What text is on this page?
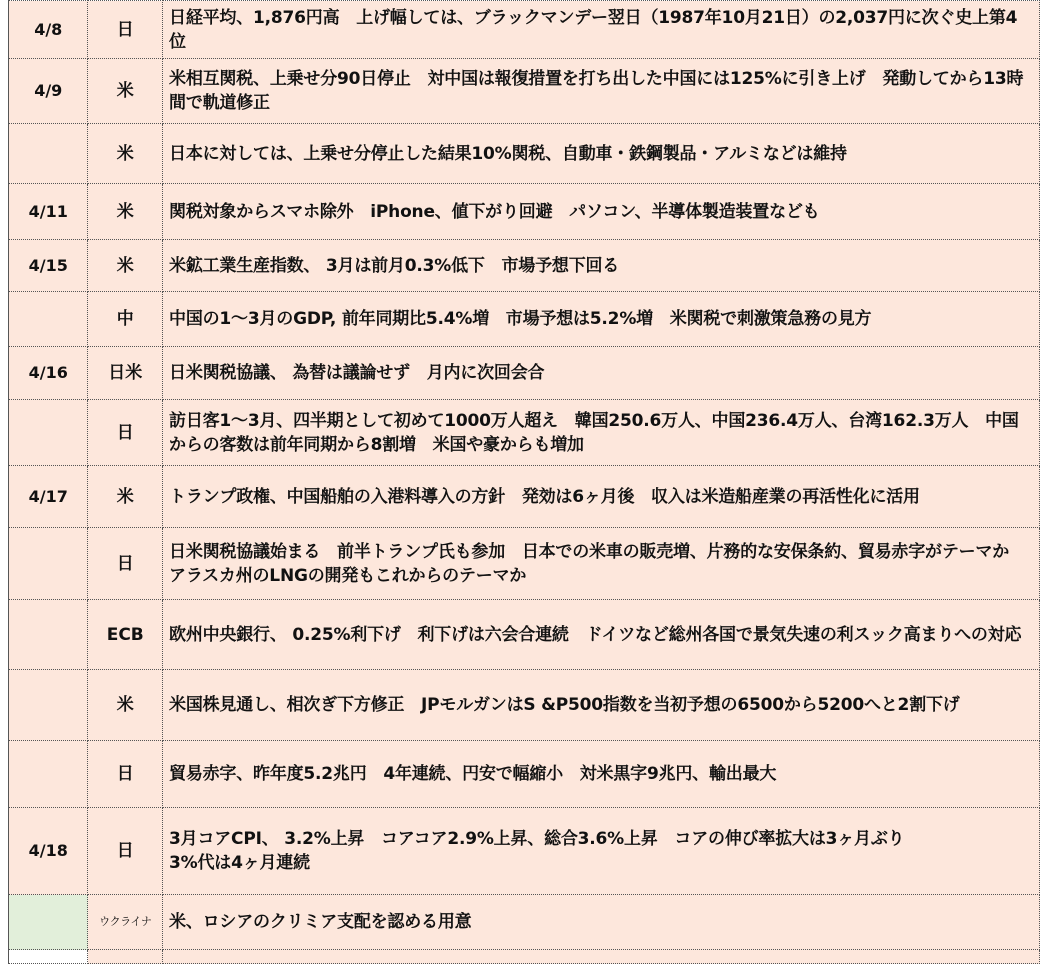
4/8	日	日経平均、1,876円高　上げ幅しては、ブラックマンデー翌日（1987年10月21日）の2,037円に次ぐ史上第4位
4/9	米	米相互関税、上乗せ分90日停止　対中国は報復措置を打ち出した中国には125%に引き上げ　発動してから13時間で軌道修正
	米	日本に対しては、上乗せ分停止した結果10%関税、自動車・鉄鋼製品・アルミなどは維持
4/11	米	関税対象からスマホ除外　iPhone、値下がり回避　パソコン、半導体製造装置なども
4/15	米	米鉱工業生産指数、 3月は前月0.3%低下　市場予想下回る
	中	中国の1～3月のGDP, 前年同期比5.4%増　市場予想は5.2%増　米関税で刺激策急務の見方
4/16	日米	日米関税協議、 為替は議論せず　月内に次回会合
	日	訪日客1～3月、四半期として初めて1000万人超え　韓国250.6万人、中国236.4万人、台湾162.3万人　中国からの客数は前年同期から8割増　米国や豪からも増加
4/17	米	トランプ政権、中国船舶の入港料導入の方針　発効は6ヶ月後　収入は米造船産業の再活性化に活用
	日	日米関税協議始まる　前半トランプ氏も参加　日本での米車の販売増、片務的な安保条約、貿易赤字がテーマか　アラスカ州のLNGの開発もこれからのテーマか
	ECB	欧州中央銀行、 0.25%利下げ　利下げは六会合連続　ドイツなど総州各国で景気失速の利スック高まりへの対応
	米	米国株見通し、相次ぎ下方修正　JPモルガンはS &P500指数を当初予想の6500から5200へと2割下げ
	日	貿易赤字、昨年度5.2兆円　4年連続、円安で幅縮小　対米黒字9兆円、輸出最大
4/18	日	3月コアCPI、 3.2%上昇　コアコア2.9%上昇、総合3.6%上昇　コアの伸び率拡大は3ヶ月ぶり
3%代は4ヶ月連続
	ウクライナ	米、ロシアのクリミア支配を認める用意
